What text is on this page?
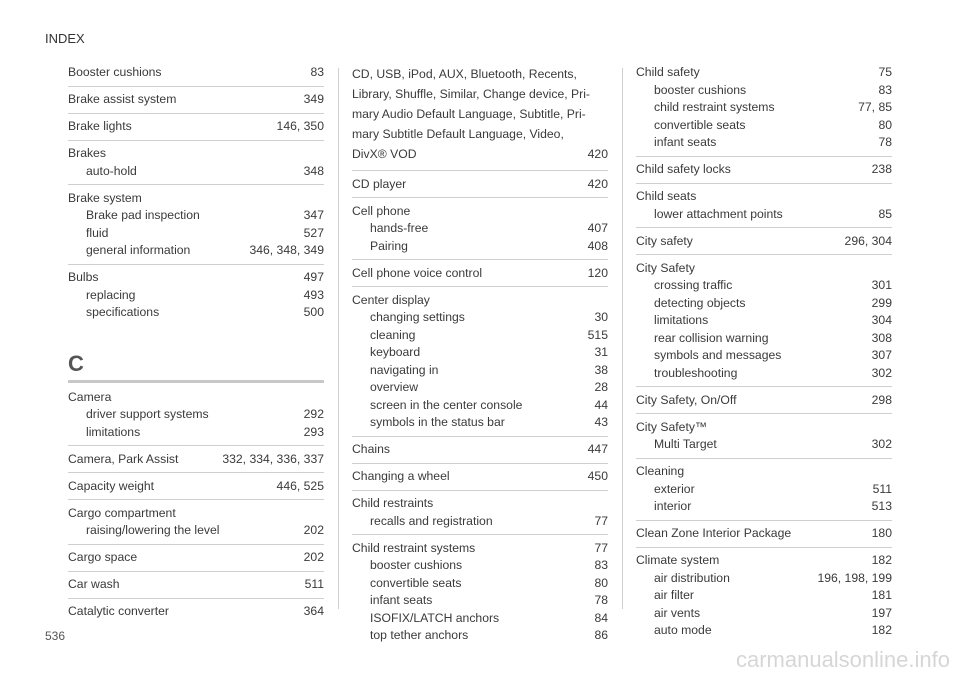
INDEX
Booster cushions	83
Brake assist system	349
Brake lights	146, 350
Brakes
auto-hold	348
Brake system
Brake pad inspection	347
fluid	527
general information	346, 348, 349
Bulbs	497
replacing	493
specifications	500
C
Camera
driver support systems	292
limitations	293
Camera, Park Assist	332, 334, 336, 337
Capacity weight	446, 525
Cargo compartment
raising/lowering the level	202
Cargo space	202
Car wash	511
Catalytic converter	364
CD, USB, iPod, AUX, Bluetooth, Recents,
Library, Shuffle, Similar, Change device, Pri-
mary Audio Default Language, Subtitle, Pri-
mary Subtitle Default Language, Video,
DivX® VOD	420
CD player	420
Cell phone
hands-free	407
Pairing	408
Cell phone voice control	120
Center display
changing settings	30
cleaning	515
keyboard	31
navigating in	38
overview	28
screen in the center console	44
symbols in the status bar	43
Chains	447
Changing a wheel	450
Child restraints
recalls and registration	77
Child restraint systems	77
booster cushions	83
convertible seats	80
infant seats	78
ISOFIX/LATCH anchors	84
top tether anchors	86
Child safety	75
booster cushions	83
child restraint systems	77, 85
convertible seats	80
infant seats	78
Child safety locks	238
Child seats
lower attachment points	85
City safety	296, 304
City Safety
crossing traffic	301
detecting objects	299
limitations	304
rear collision warning	308
symbols and messages	307
troubleshooting	302
City Safety, On/Off	298
City Safety™
Multi Target	302
Cleaning
exterior	511
interior	513
Clean Zone Interior Package	180
Climate system	182
air distribution	196, 198, 199
air filter	181
air vents	197
auto mode	182
536
carmanualsonline.info
